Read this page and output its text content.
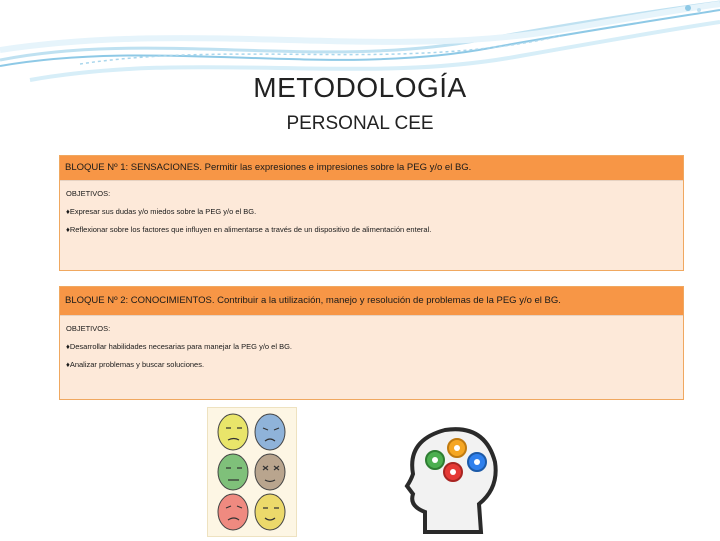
METODOLOGÍA
PERSONAL CEE
BLOQUE Nº 1: SENSACIONES. Permitir las expresiones e impresiones sobre la PEG y/o el BG.
OBJETIVOS:
♦Expresar sus dudas y/o miedos sobre la PEG y/o el BG.
♦Reflexionar sobre los factores que influyen en alimentarse a través de un dispositivo de alimentación enteral.
BLOQUE Nº 2: CONOCIMIENTOS. Contribuir a la utilización, manejo y resolución de problemas de la PEG y/o el BG.
OBJETIVOS:
♦Desarrollar habilidades necesarias para manejar la PEG y/o el BG.
♦Analizar problemas y buscar soluciones.
